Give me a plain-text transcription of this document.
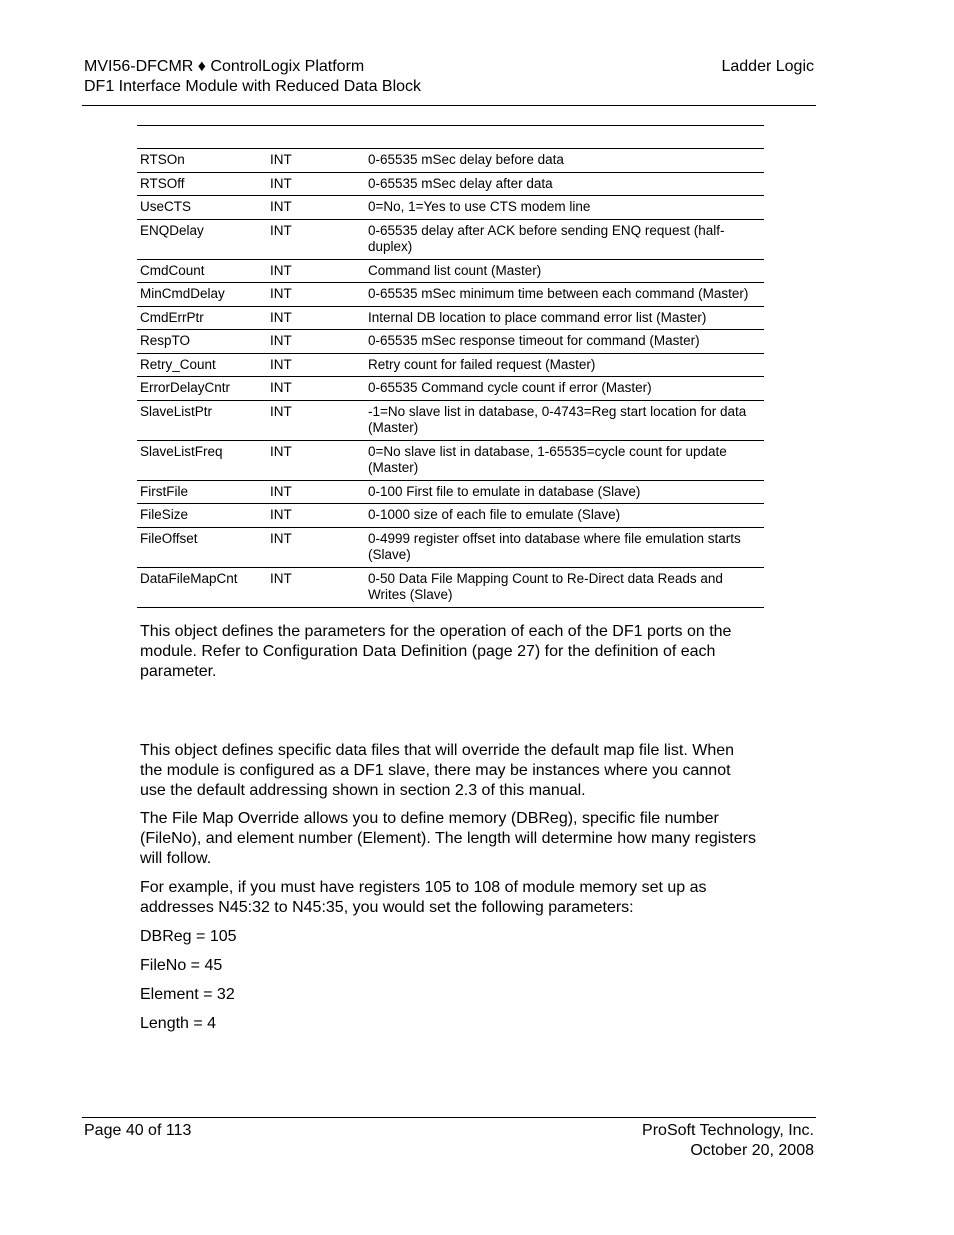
MVI56-DFCMR ♦ ControlLogix Platform
DF1 Interface Module with Reduced Data Block
Ladder Logic
RTSOn	INT	0-65535 mSec delay before data
RTSOff	INT	0-65535 mSec delay after data
UseCTS	INT	0=No, 1=Yes to use CTS modem line
ENQDelay	INT	0-65535 delay after ACK before sending ENQ request (half-duplex)
CmdCount	INT	Command list count (Master)
MinCmdDelay	INT	0-65535 mSec minimum time between each command (Master)
CmdErrPtr	INT	Internal DB location to place command error list (Master)
RespTO	INT	0-65535 mSec response timeout for command (Master)
Retry_Count	INT	Retry count for failed request (Master)
ErrorDelayCntr	INT	0-65535 Command cycle count if error (Master)
SlaveListPtr	INT	-1=No slave list in database, 0-4743=Reg start location for data (Master)
SlaveListFreq	INT	0=No slave list in database, 1-65535=cycle count for update (Master)
FirstFile	INT	0-100 First file to emulate in database (Slave)
FileSize	INT	0-1000 size of each file to emulate (Slave)
FileOffset	INT	0-4999 register offset into database where file emulation starts (Slave)
DataFileMapCnt	INT	0-50 Data File Mapping Count to Re-Direct data Reads and Writes (Slave)

This object defines the parameters for the operation of each of the DF1 ports on the module. Refer to Configuration Data Definition (page 27) for the definition of each parameter.

This object defines specific data files that will override the default map file list. When the module is configured as a DF1 slave, there may be instances where you cannot use the default addressing shown in section 2.3 of this manual.

The File Map Override allows you to define memory (DBReg), specific file number (FileNo), and element number (Element). The length will determine how many registers will follow.

For example, if you must have registers 105 to 108 of module memory set up as addresses N45:32 to N45:35, you would set the following parameters:

DBReg = 105

FileNo = 45

Element = 32

Length = 4

Page 40 of 113	ProSoft Technology, Inc.
October 20, 2008
